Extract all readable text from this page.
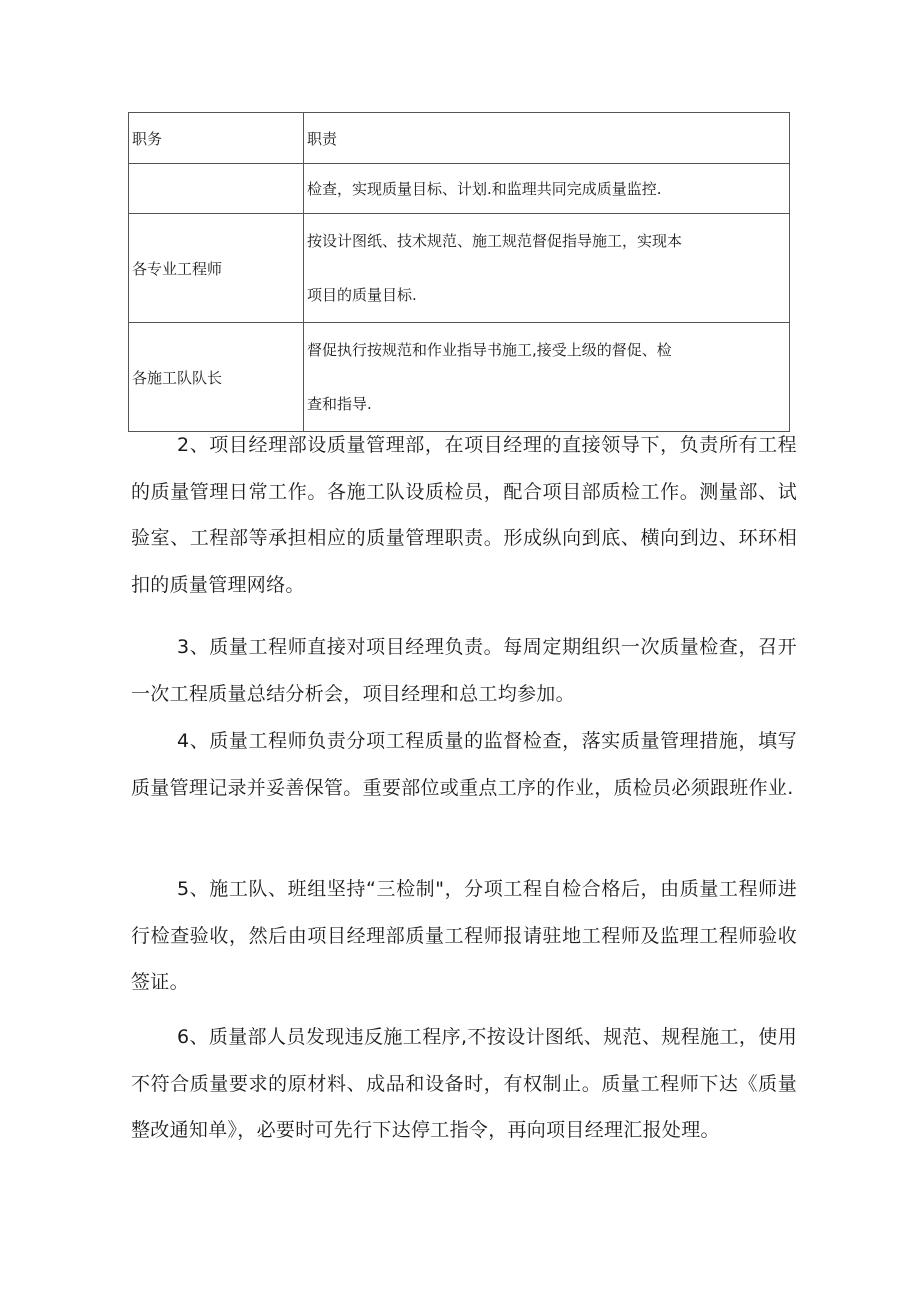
职务	职责
	检查，实现质量目标、计划.和监理共同完成质量监控.
各专业工程师	按设计图纸、技术规范、施工规范督促指导施工，实现本
项目的质量目标.

各施工队队长	督促执行按规范和作业指导书施工,接受上级的督促、检
查和指导.

2、项目经理部设质量管理部，在项目经理的直接领导下，负责所有工程的质量管理日常工作。各施工队设质检员，配合项目部质检工作。测量部、试验室、工程部等承担相应的质量管理职责。形成纵向到底、横向到边、环环相扣的质量管理网络。

3、质量工程师直接对项目经理负责。每周定期组织一次质量检查，召开一次工程质量总结分析会，项目经理和总工均参加。

4、质量工程师负责分项工程质量的监督检查，落实质量管理措施，填写质量管理记录并妥善保管。重要部位或重点工序的作业，质检员必须跟班作业.

5、施工队、班组坚持“三检制"，分项工程自检合格后，由质量工程师进行检查验收，然后由项目经理部质量工程师报请驻地工程师及监理工程师验收签证。

6、质量部人员发现违反施工程序,不按设计图纸、规范、规程施工，使用不符合质量要求的原材料、成品和设备时，有权制止。质量工程师下达《质量整改通知单》，必要时可先行下达停工指令，再向项目经理汇报处理。
